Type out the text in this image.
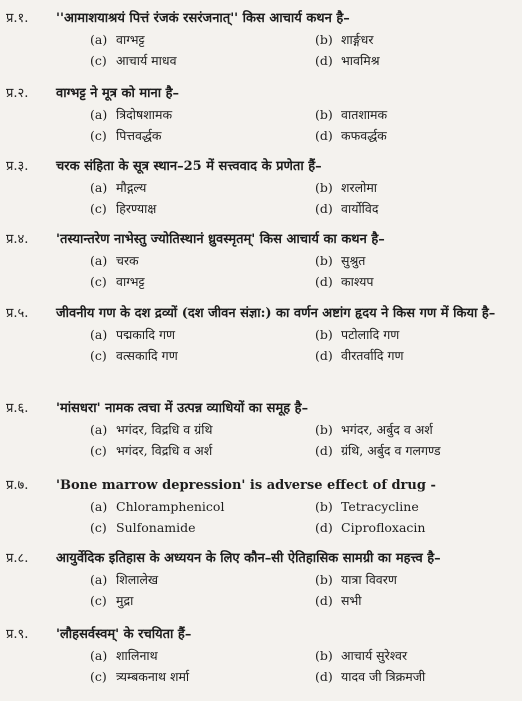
प्र.१.	''आमाशयाश्रयं पित्तं रंजकं रसरंजनात्'' किस आचार्य कथन है–
(a) वाग्भट्ट	(b) शार्ङ्गधर
(c) आचार्य माधव	(d) भावमिश्र
प्र.२.	वाग्भट्ट ने मूत्र को माना है–
(a) त्रिदोषशामक	(b) वातशामक
(c) पित्तवर्द्धक	(d) कफवर्द्धक
प्र.३.	चरक संहिता के सूत्र स्थान–25 में सत्त्ववाद के प्रणेता हैं–
(a) मौद्गल्य	(b) शरलोमा
(c) हिरण्याक्ष	(d) वार्योविद
प्र.४.	'तस्यान्तरेण नाभेस्तु ज्योतिस्थानं ध्रुवस्मृतम्' किस आचार्य का कथन है–
(a) चरक	(b) सुश्रुत
(c) वाग्भट्ट	(d) काश्यप
प्र.५.	जीवनीय गण के दश द्रव्यों (दश जीवन संज्ञा:) का वर्णन अष्टांग हृदय ने किस गण में किया है–
(a) पद्मकादि गण	(b) पटोलादि गण
(c) वत्सकादि गण	(d) वीरतर्वादि गण
प्र.६.	'मांसधरा' नामक त्वचा में उत्पन्न व्याधियों का समूह है–
(a) भगंदर, विद्रधि व ग्रंथि	(b) भगंदर, अर्बुद व अर्श
(c) भगंदर, विद्रधि व अर्श	(d) ग्रंथि, अर्बुद व गलगण्ड
प्र.७.	'Bone marrow depression' is adverse effect of drug -
(a) Chloramphenicol	(b) Tetracycline
(c) Sulfonamide	(d) Ciprofloxacin
प्र.८.	आयुर्वेदिक इतिहास के अध्ययन के लिए कौन–सी ऐतिहासिक सामग्री का महत्त्व है–
(a) शिलालेख	(b) यात्रा विवरण
(c) मुद्रा	(d) सभी
प्र.९.	'लौहसर्वस्वम्' के रचयिता हैं–
(a) शालिनाथ	(b) आचार्य सुरेश्वर
(c) त्र्यम्बकनाथ शर्मा	(d) यादव जी त्रिक्रमजी
